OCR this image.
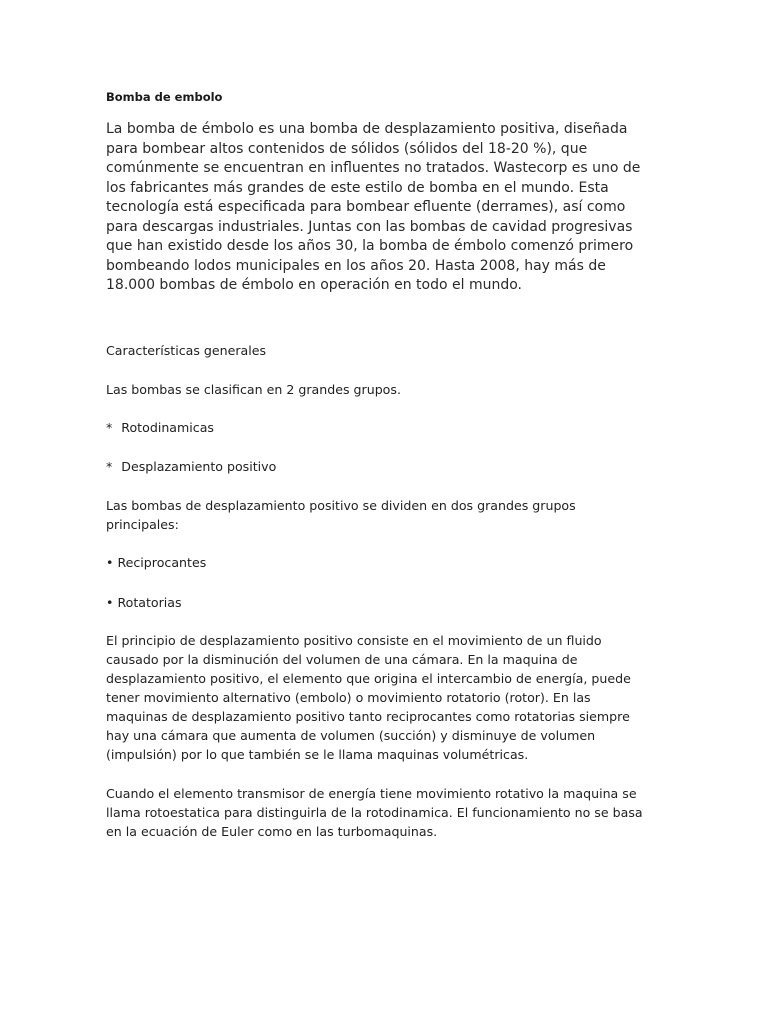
Bomba de embolo

La bomba de émbolo es una bomba de desplazamiento positiva, diseñada para bombear altos contenidos de sólidos (sólidos del 18-20 %), que comúnmente se encuentran en influentes no tratados. Wastecorp es uno de los fabricantes más grandes de este estilo de bomba en el mundo. Esta tecnología está especificada para bombear efluente (derrames), así como para descargas industriales. Juntas con las bombas de cavidad progresivas que han existido desde los años 30, la bomba de émbolo comenzó primero bombeando lodos municipales en los años 20. Hasta 2008, hay más de 18.000 bombas de émbolo en operación en todo el mundo.

Características generales

Las bombas se clasifican en 2 grandes grupos.

* Rotodinamicas

* Desplazamiento positivo

Las bombas de desplazamiento positivo se dividen en dos grandes grupos principales:

• Reciprocantes

• Rotatorias

El principio de desplazamiento positivo consiste en el movimiento de un fluido causado por la disminución del volumen de una cámara. En la maquina de desplazamiento positivo, el elemento que origina el intercambio de energía, puede tener movimiento alternativo (embolo) o movimiento rotatorio (rotor). En las maquinas de desplazamiento positivo tanto reciprocantes como rotatorias siempre hay una cámara que aumenta de volumen (succión) y disminuye de volumen (impulsión) por lo que también se le llama maquinas volumétricas.

Cuando el elemento transmisor de energía tiene movimiento rotativo la maquina se llama rotoestatica para distinguirla de la rotodinamica. El funcionamiento no se basa en la ecuación de Euler como en las turbomaquinas.
